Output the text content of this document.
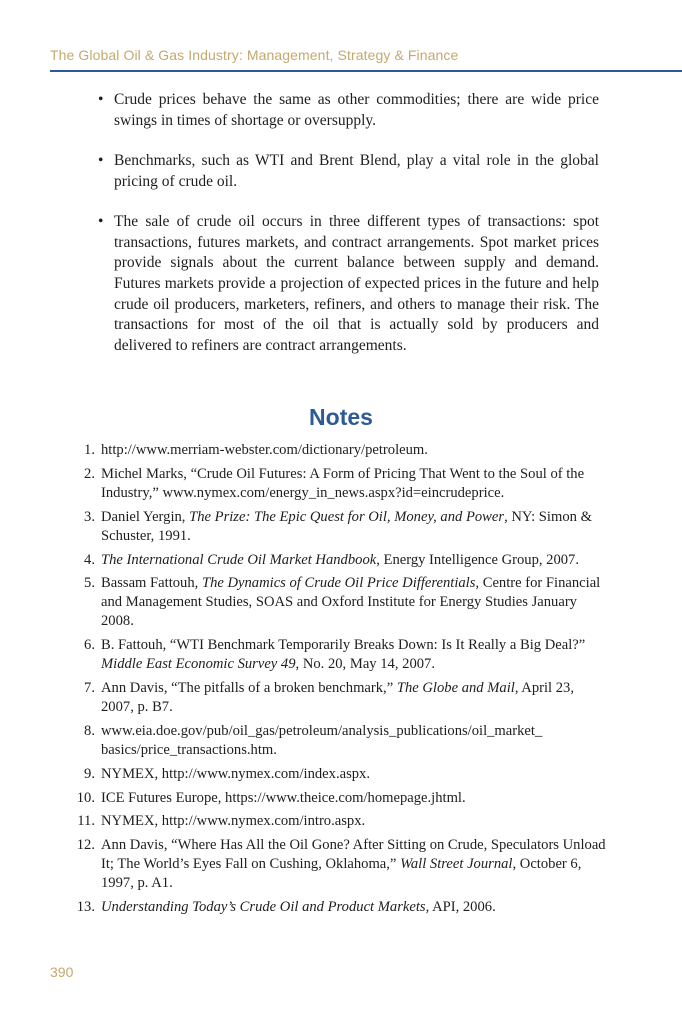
The Global Oil & Gas Industry: Management, Strategy & Finance
• Crude prices behave the same as other commodities; there are wide price swings in times of shortage or oversupply.
• Benchmarks, such as WTI and Brent Blend, play a vital role in the global pricing of crude oil.
• The sale of crude oil occurs in three different types of transactions: spot transactions, futures markets, and contract arrangements. Spot market prices provide signals about the current balance between supply and demand. Futures markets provide a projection of expected prices in the future and help crude oil producers, marketers, refiners, and others to manage their risk. The transactions for most of the oil that is actually sold by producers and delivered to refiners are contract arrangements.
Notes
1. http://www.merriam-webster.com/dictionary/petroleum.
2. Michel Marks, “Crude Oil Futures: A Form of Pricing That Went to the Soul of the Industry,” www.nymex.com/energy_in_news.aspx?id=eincrudeprice.
3. Daniel Yergin, The Prize: The Epic Quest for Oil, Money, and Power, NY: Simon & Schuster, 1991.
4. The International Crude Oil Market Handbook, Energy Intelligence Group, 2007.
5. Bassam Fattouh, The Dynamics of Crude Oil Price Differentials, Centre for Financial and Management Studies, SOAS and Oxford Institute for Energy Studies January 2008.
6. B. Fattouh, “WTI Benchmark Temporarily Breaks Down: Is It Really a Big Deal?” Middle East Economic Survey 49, No. 20, May 14, 2007.
7. Ann Davis, “The pitfalls of a broken benchmark,” The Globe and Mail, April 23, 2007, p. B7.
8. www.eia.doe.gov/pub/oil_gas/petroleum/analysis_publications/oil_market_ basics/price_transactions.htm.
9. NYMEX, http://www.nymex.com/index.aspx.
10. ICE Futures Europe, https://www.theice.com/homepage.jhtml.
11. NYMEX, http://www.nymex.com/intro.aspx.
12. Ann Davis, “Where Has All the Oil Gone? After Sitting on Crude, Speculators Unload It; The World’s Eyes Fall on Cushing, Oklahoma,” Wall Street Journal, October 6, 1997, p. A1.
13. Understanding Today’s Crude Oil and Product Markets, API, 2006.
390
